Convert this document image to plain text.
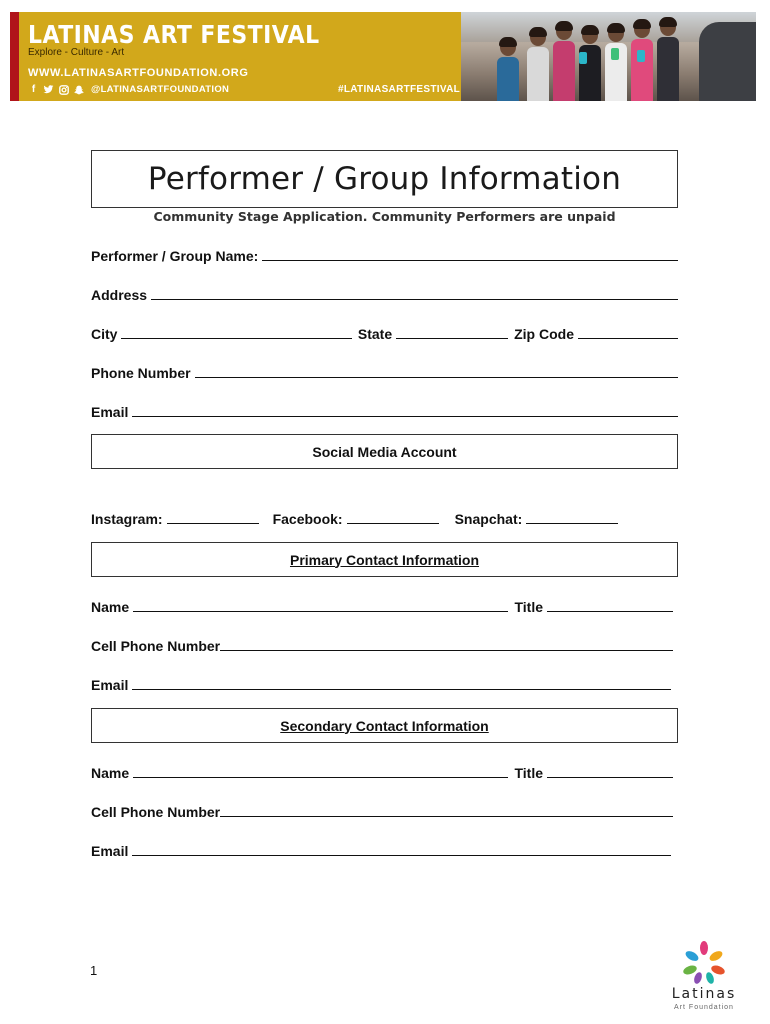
LATINAS ART FESTIVAL
Explore - Culture - Art
WWW.LATINASARTFOUNDATION.ORG
f	@LATINASARTFOUNDATION	#LATINASARTFESTIVAL
Performer / Group Information
Community Stage Application. Community Performers are unpaid
Performer / Group Name:
Address
City	State	Zip Code
Phone Number
Email
Social Media Account
Instagram:	Facebook:	Snapchat:
Primary Contact Information
Name	Title
Cell Phone Number
Email
Secondary Contact Information
Name	Title
Cell Phone Number
Email
1
Latinas
Art Foundation
